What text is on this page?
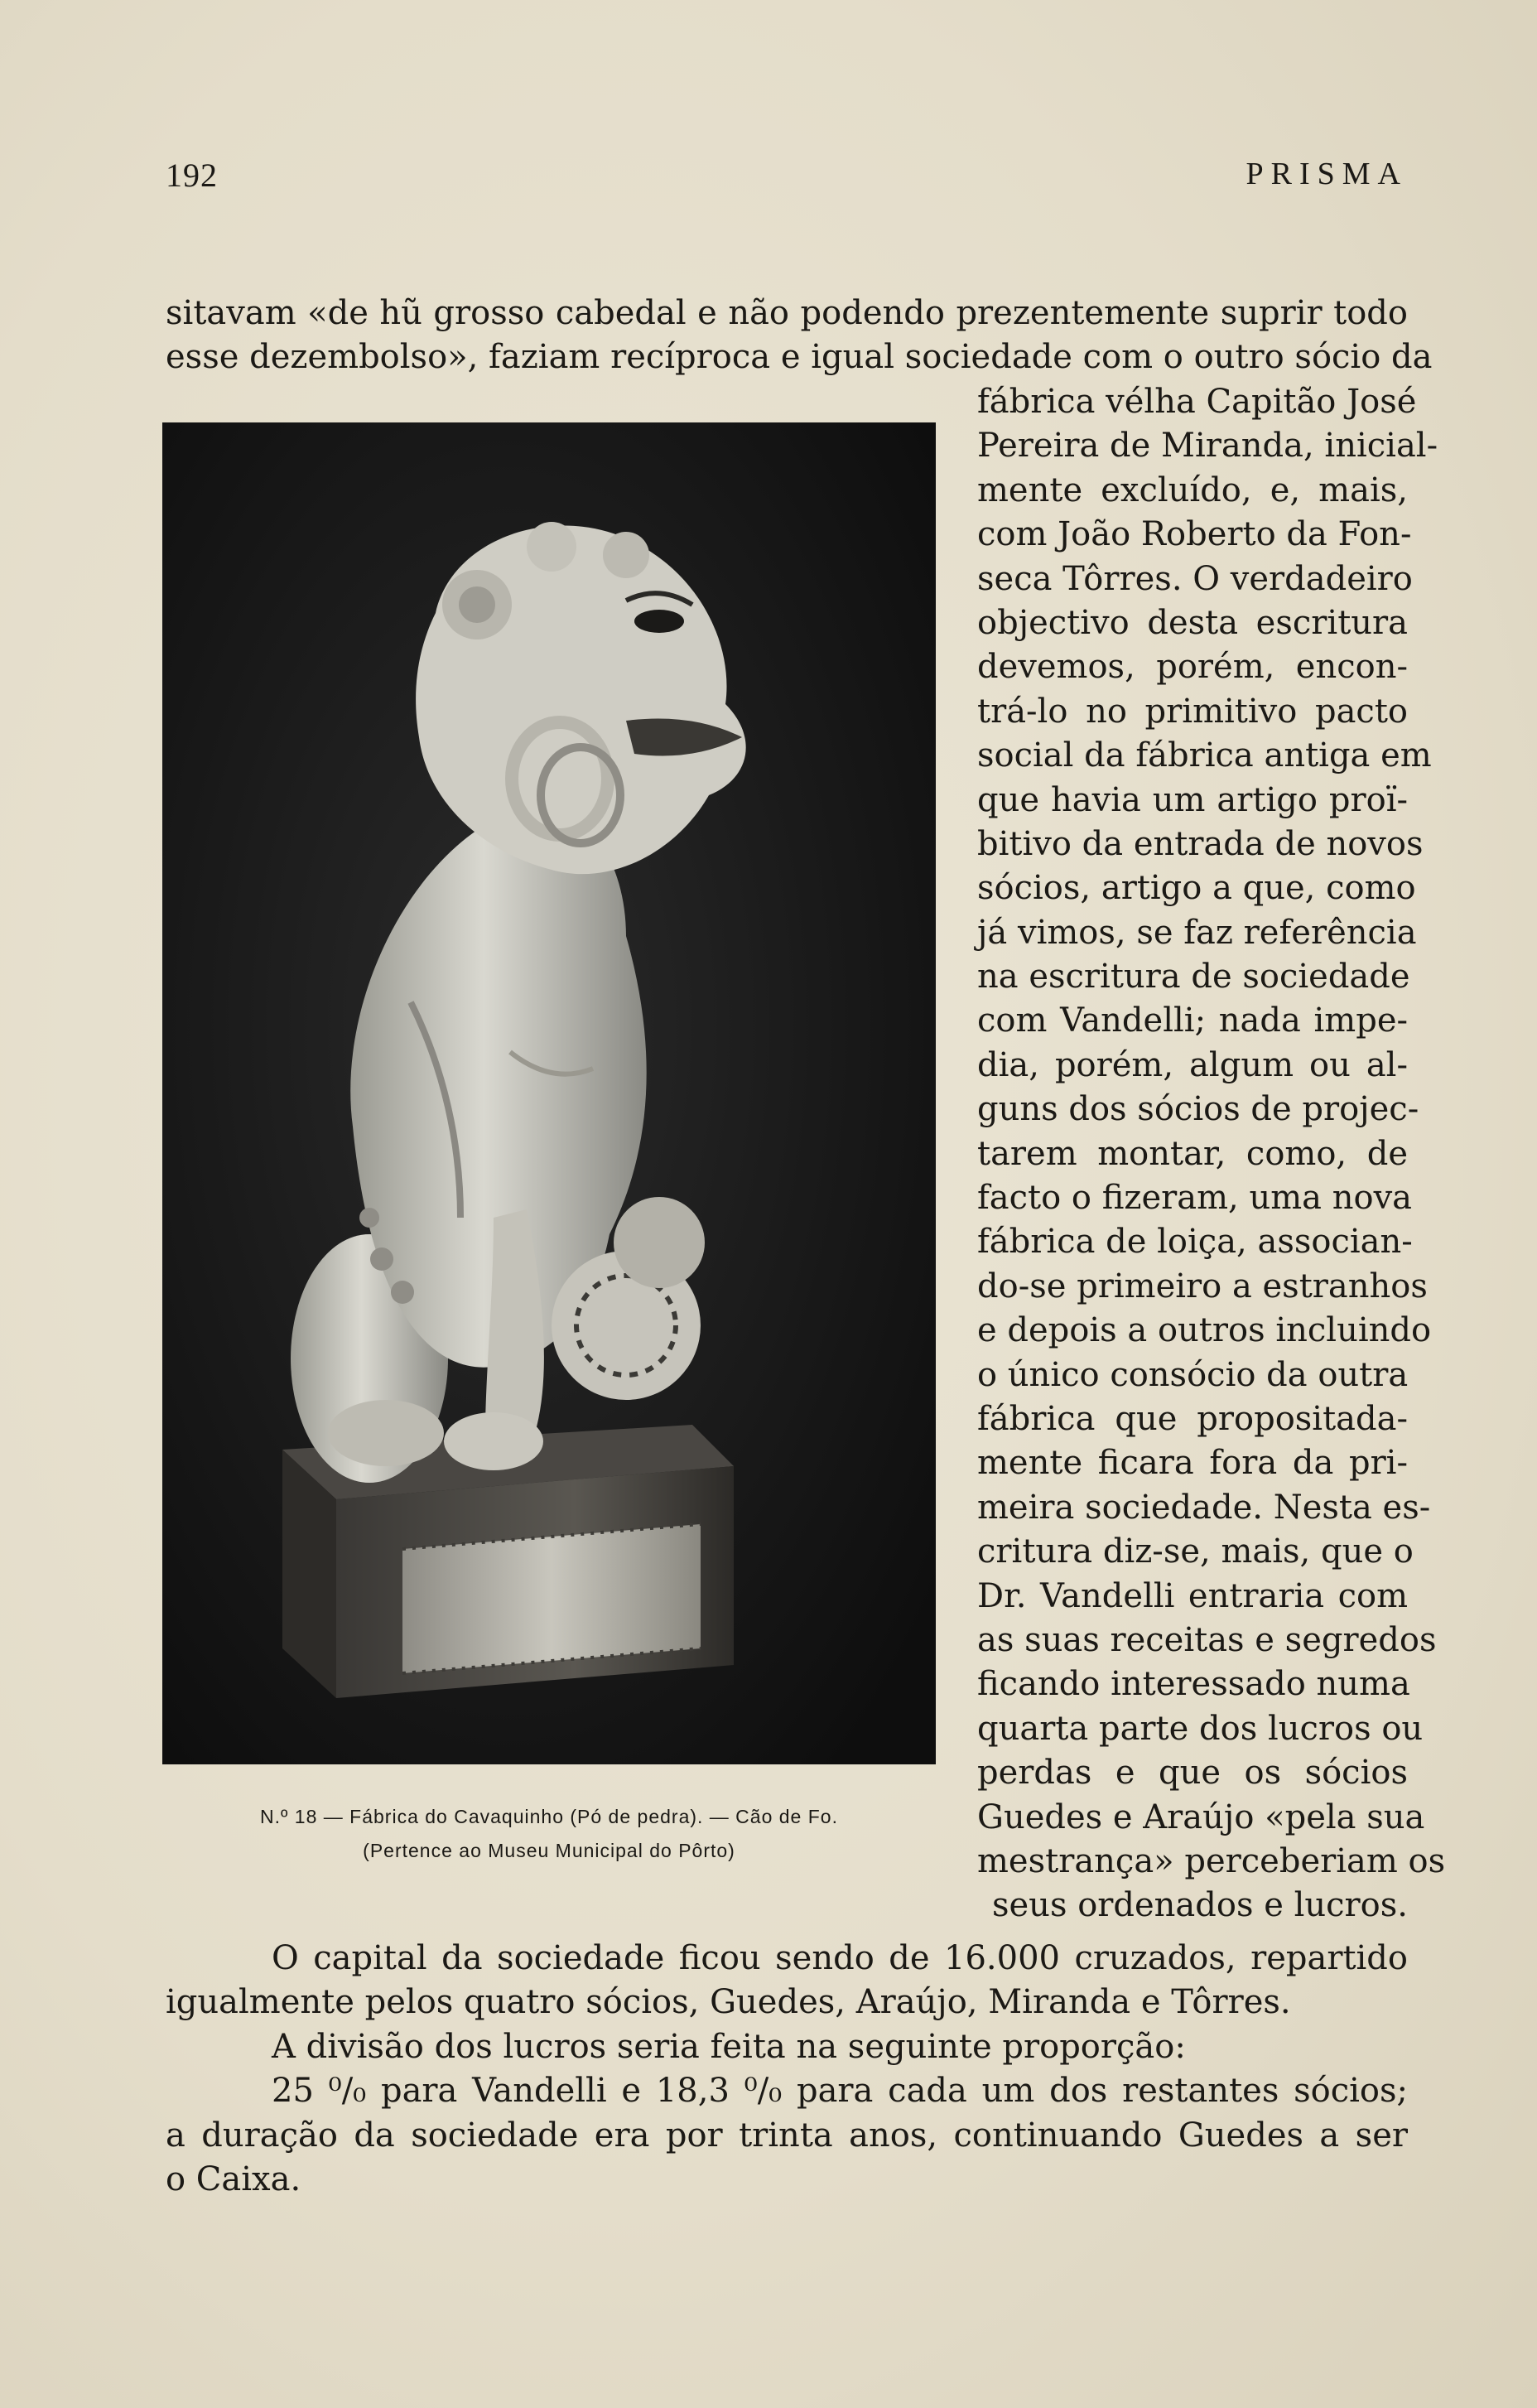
192	PRISMA
sitavam «de hũ grosso cabedal e não podendo prezentemente suprir todo
esse dezembolso», faziam recíproca e igual sociedade com o outro sócio da
fábrica vélha Capitão José
Pereira de Miranda, inicial-
mente excluído, e, mais,
com João Roberto da Fon-
seca Tôrres. O verdadeiro
objectivo desta escritura
devemos, porém, encon-
trá-lo no primitivo pacto
social da fábrica antiga em
que havia um artigo proï-
bitivo da entrada de novos
sócios, artigo a que, como
já vimos, se faz referência
na escritura de sociedade
com Vandelli; nada impe-
dia, porém, algum ou al-
guns dos sócios de projec-
tarem montar, como, de
facto o fizeram, uma nova
fábrica de loiça, associan-
do-se primeiro a estranhos
e depois a outros incluindo
o único consócio da outra
fábrica que propositada-
mente ficara fora da pri-
meira sociedade. Nesta es-
critura diz-se, mais, que o
Dr. Vandelli entraria com
as suas receitas e segredos
ficando interessado numa
quarta parte dos lucros ou
perdas e que os sócios
Guedes e Araújo «pela sua
mestrança» perceberiam os
seus ordenados e lucros.
N.º 18 — Fábrica do Cavaquinho (Pó de pedra). — Cão de Fo.
(Pertence ao Museu Municipal do Pôrto)
O capital da sociedade ficou sendo de 16.000 cruzados, repartido
igualmente pelos quatro sócios, Guedes, Araújo, Miranda e Tôrres.
A divisão dos lucros seria feita na seguinte proporção:
25 ⁰/₀ para Vandelli e 18,3 ⁰/₀ para cada um dos restantes sócios;
a duração da sociedade era por trinta anos, continuando Guedes a ser
o Caixa.
